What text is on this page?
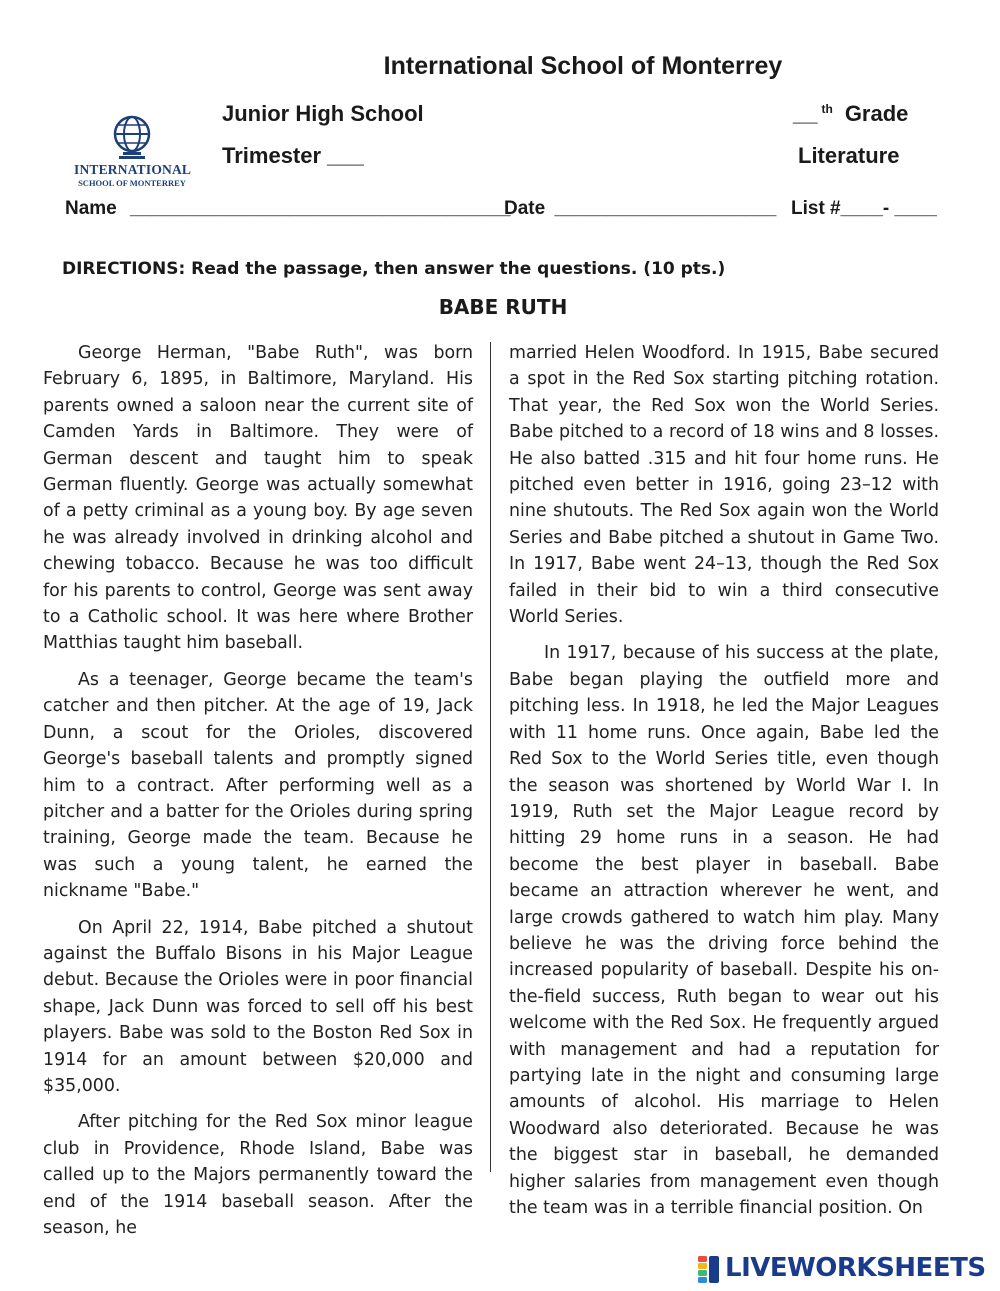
International School of Monterrey
INTERNATIONAL
SCHOOL OF MONTERREY
Junior High School
Trimester ___
__ $^{th}$ Grade
Literature
Name ____________________________________
Date _____________________ List #____- ____
DIRECTIONS: Read the passage, then answer the questions. (10 pts.)
BABE RUTH

George Herman, "Babe Ruth", was born February 6, 1895, in Baltimore, Maryland. His parents owned a saloon near the current site of Camden Yards in Baltimore. They were of German descent and taught him to speak German fluently. George was actually somewhat of a petty criminal as a young boy. By age seven he was already involved in drinking alcohol and chewing tobacco. Because he was too difficult for his parents to control, George was sent away to a Catholic school. It was here where Brother Matthias taught him baseball.

As a teenager, George became the team's catcher and then pitcher. At the age of 19, Jack Dunn, a scout for the Orioles, discovered George's baseball talents and promptly signed him to a contract. After performing well as a pitcher and a batter for the Orioles during spring training, George made the team. Because he was such a young talent, he earned the nickname "Babe."

On April 22, 1914, Babe pitched a shutout against the Buffalo Bisons in his Major League debut. Because the Orioles were in poor financial shape, Jack Dunn was forced to sell off his best players. Babe was sold to the Boston Red Sox in 1914 for an amount between $20,000 and $35,000.

After pitching for the Red Sox minor league club in Providence, Rhode Island, Babe was called up to the Majors permanently toward the end of the 1914 baseball season. After the season, he

married Helen Woodford. In 1915, Babe secured a spot in the Red Sox starting pitching rotation. That year, the Red Sox won the World Series. Babe pitched to a record of 18 wins and 8 losses. He also batted .315 and hit four home runs. He pitched even better in 1916, going 23–12 with nine shutouts. The Red Sox again won the World Series and Babe pitched a shutout in Game Two. In 1917, Babe went 24–13, though the Red Sox failed in their bid to win a third consecutive World Series.

In 1917, because of his success at the plate, Babe began playing the outfield more and pitching less. In 1918, he led the Major Leagues with 11 home runs. Once again, Babe led the Red Sox to the World Series title, even though the season was shortened by World War I. In 1919, Ruth set the Major League record by hitting 29 home runs in a season. He had become the best player in baseball. Babe became an attraction wherever he went, and large crowds gathered to watch him play. Many believe he was the driving force behind the increased popularity of baseball. Despite his on-the-field success, Ruth began to wear out his welcome with the Red Sox. He frequently argued with management and had a reputation for partying late in the night and consuming large amounts of alcohol. His marriage to Helen Woodward also deteriorated. Because he was the biggest star in baseball, he demanded higher salaries from management even though the team was in a terrible financial position. On

LIVEWORKSHEETS
